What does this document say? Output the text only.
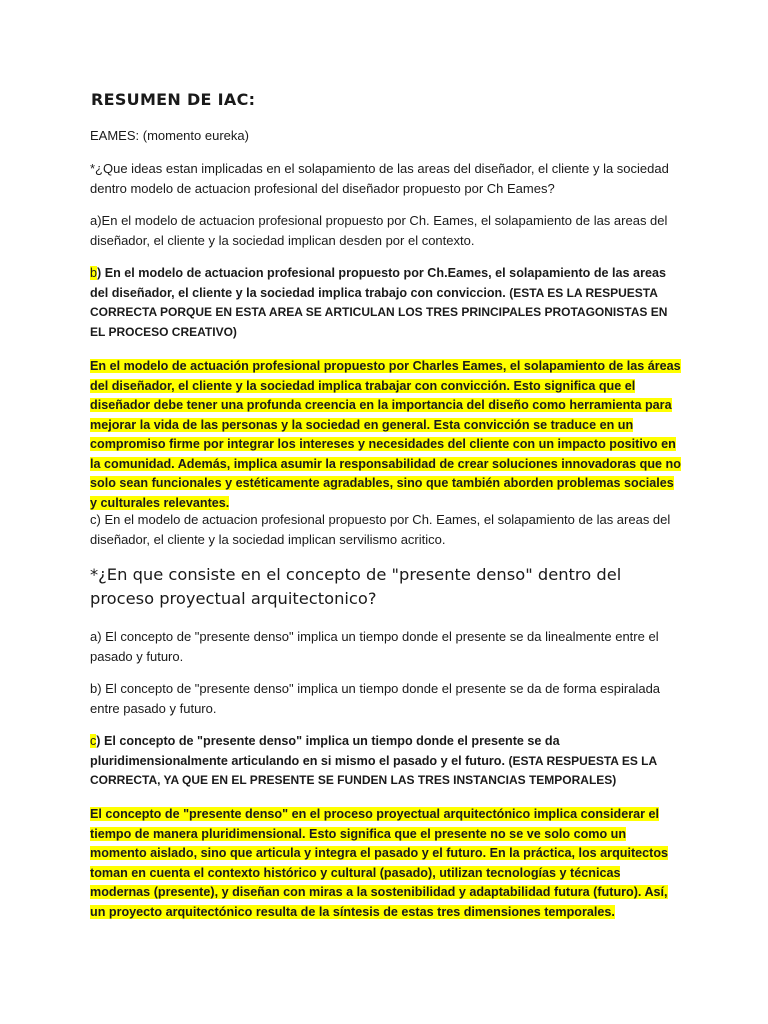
RESUMEN DE IAC:

EAMES: (momento eureka)

*¿Que ideas estan implicadas en el solapamiento de las areas del diseñador, el cliente y la sociedad dentro modelo de actuacion profesional del diseñador propuesto por Ch Eames?

a)En el modelo de actuacion profesional propuesto por Ch. Eames, el solapamiento de las areas del diseñador, el cliente y la sociedad implican desden por el contexto.

b) En el modelo de actuacion profesional propuesto por Ch.Eames, el solapamiento de las areas del diseñador, el cliente y la sociedad implica trabajo con conviccion. (ESTA ES LA RESPUESTA CORRECTA PORQUE EN ESTA AREA SE ARTICULAN LOS TRES PRINCIPALES PROTAGONISTAS EN EL PROCESO CREATIVO)

En el modelo de actuación profesional propuesto por Charles Eames, el solapamiento de las áreas del diseñador, el cliente y la sociedad implica trabajar con convicción. Esto significa que el diseñador debe tener una profunda creencia en la importancia del diseño como herramienta para mejorar la vida de las personas y la sociedad en general. Esta convicción se traduce en un compromiso firme por integrar los intereses y necesidades del cliente con un impacto positivo en la comunidad. Además, implica asumir la responsabilidad de crear soluciones innovadoras que no solo sean funcionales y estéticamente agradables, sino que también aborden problemas sociales y culturales relevantes.

c) En el modelo de actuacion profesional propuesto por Ch. Eames, el solapamiento de las areas del diseñador, el cliente y la sociedad implican servilismo acritico.

*¿En que consiste en el concepto de "presente denso" dentro del proceso proyectual arquitectonico?

a) El concepto de "presente denso" implica un tiempo donde el presente se da linealmente entre el pasado y futuro.

b) El concepto de "presente denso" implica un tiempo donde el presente se da de forma espiralada entre pasado y futuro.

c) El concepto de "presente denso" implica un tiempo donde el presente se da pluridimensionalmente articulando en si mismo el pasado y el futuro. (ESTA RESPUESTA ES LA CORRECTA, YA QUE EN EL PRESENTE SE FUNDEN LAS TRES INSTANCIAS TEMPORALES)

El concepto de "presente denso" en el proceso proyectual arquitectónico implica considerar el tiempo de manera pluridimensional. Esto significa que el presente no se ve solo como un momento aislado, sino que articula y integra el pasado y el futuro. En la práctica, los arquitectos toman en cuenta el contexto histórico y cultural (pasado), utilizan tecnologías y técnicas modernas (presente), y diseñan con miras a la sostenibilidad y adaptabilidad futura (futuro). Así, un proyecto arquitectónico resulta de la síntesis de estas tres dimensiones temporales.
